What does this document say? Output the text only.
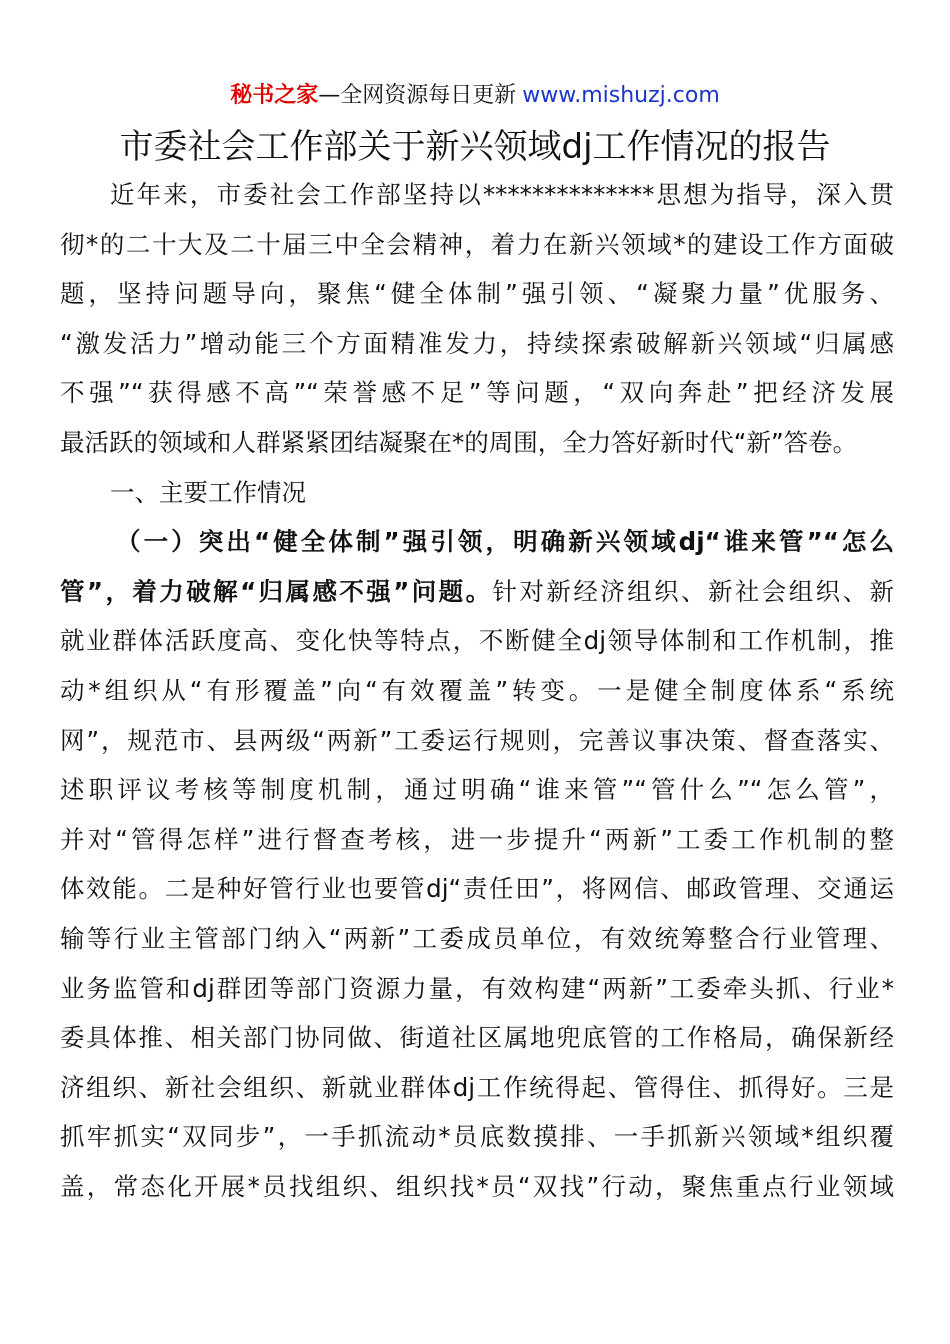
秘书之家—全网资源每日更新 www.mishuzj.com
市委社会工作部关于新兴领域dj工作情况的报告
近年来，市委社会工作部坚持以**************思想为指导，深入贯
彻*的二十大及二十届三中全会精神，着力在新兴领域*的建设工作方面破
题，坚持问题导向，聚焦“健全体制”强引领、“凝聚力量”优服务、
“激发活力”增动能三个方面精准发力，持续探索破解新兴领域“归属感
不强”“获得感不高”“荣誉感不足”等问题，“双向奔赴”把经济发展
最活跃的领域和人群紧紧团结凝聚在*的周围，全力答好新时代“新”答卷。
一、主要工作情况
（一）突出“健全体制”强引领，明确新兴领域dj“谁来管”“怎么
管”，着力破解“归属感不强”问题。针对新经济组织、新社会组织、新
就业群体活跃度高、变化快等特点，不断健全dj领导体制和工作机制，推
动*组织从“有形覆盖”向“有效覆盖”转变。一是健全制度体系“系统
网”，规范市、县两级“两新”工委运行规则，完善议事决策、督查落实、
述职评议考核等制度机制，通过明确“谁来管”“管什么”“怎么管”，
并对“管得怎样”进行督查考核，进一步提升“两新”工委工作机制的整
体效能。二是种好管行业也要管dj“责任田”，将网信、邮政管理、交通运
输等行业主管部门纳入“两新”工委成员单位，有效统筹整合行业管理、
业务监管和dj群团等部门资源力量，有效构建“两新”工委牵头抓、行业*
委具体推、相关部门协同做、街道社区属地兜底管的工作格局，确保新经
济组织、新社会组织、新就业群体dj工作统得起、管得住、抓得好。三是
抓牢抓实“双同步”，一手抓流动*员底数摸排、一手抓新兴领域*组织覆
盖，常态化开展*员找组织、组织找*员“双找”行动，聚焦重点行业领域
